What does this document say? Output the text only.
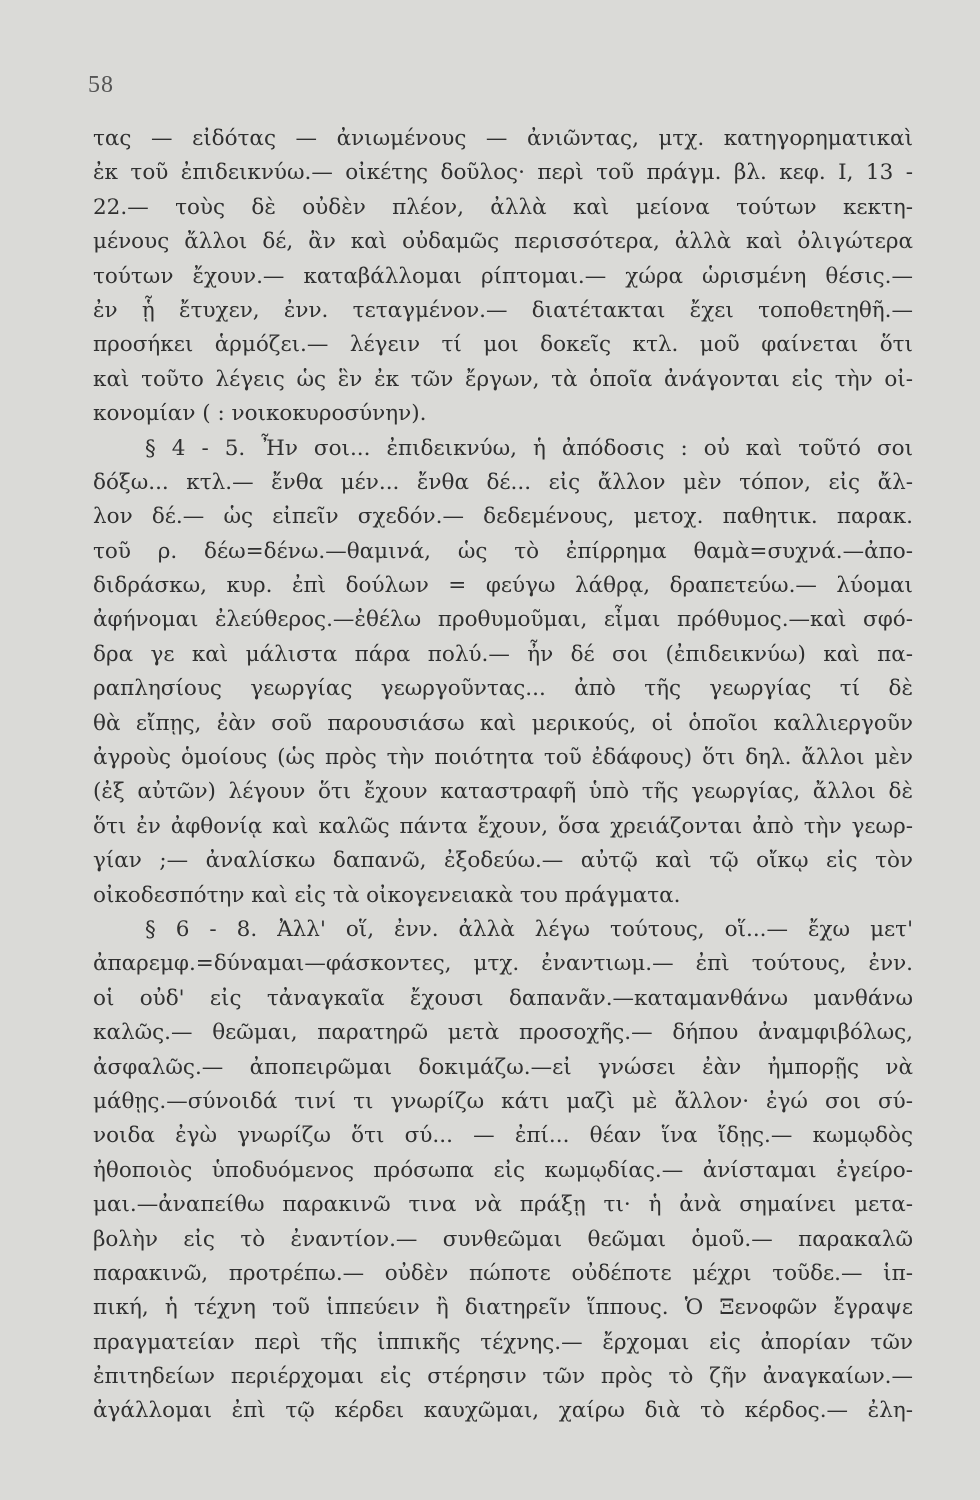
58
τας — εἰδότας — ἀνιωμένους — ἀνιῶντας, μτχ. κατηγορηματικαὶ
ἐκ τοῦ ἐπιδεικνύω.— οἰκέτης δοῦλος· περὶ τοῦ πράγμ. βλ. κεφ. I, 13 -
22.— τοὺς δὲ οὐδὲν πλέον, ἀλλὰ καὶ μείονα τούτων κεκτη-
μένους ἄλλοι δέ, ἂν καὶ οὐδαμῶς περισσότερα, ἀλλὰ καὶ ὀλιγώτερα
τούτων ἔχουν.— καταβάλλομαι ρίπτομαι.— χώρα ὡρισμένη θέσις.—
ἐν ᾗ ἔτυχεν, ἐνν. τεταγμένον.— διατέτακται ἔχει τοποθετηθῆ.—
προσήκει ἁρμόζει.— λέγειν τί μοι δοκεῖς κτλ. μοῦ φαίνεται ὅτι
καὶ τοῦτο λέγεις ὡς ἓν ἐκ τῶν ἔργων, τὰ ὁποῖα ἀνάγονται εἰς τὴν οἰ-
κονομίαν ( : νοικοκυροσύνην).
§ 4 - 5. Ἦν σοι... ἐπιδεικνύω, ἡ ἀπόδοσις : οὐ καὶ τοῦτό σοι
δόξω... κτλ.— ἔνθα μέν... ἔνθα δέ... εἰς ἄλλον μὲν τόπον, εἰς ἄλ-
λον δέ.— ὡς εἰπεῖν σχεδόν.— δεδεμένους, μετοχ. παθητικ. παρακ.
τοῦ ρ. δέω=δένω.—θαμινά, ὡς τὸ ἐπίρρημα θαμὰ=συχνά.—ἀπο-
διδράσκω, κυρ. ἐπὶ δούλων = φεύγω λάθρᾳ, δραπετεύω.— λύομαι
ἀφήνομαι ἐλεύθερος.—ἐθέλω προθυμοῦμαι, εἶμαι πρόθυμος.—καὶ σφό-
δρα γε καὶ μάλιστα πάρα πολύ.— ἦν δέ σοι (ἐπιδεικνύω) καὶ πα-
ραπλησίους γεωργίας γεωργοῦντας... ἀπὸ τῆς γεωργίας τί δὲ
θὰ εἴπῃς, ἐὰν σοῦ παρουσιάσω καὶ μερικούς, οἱ ὁποῖοι καλλιεργοῦν
ἀγροὺς ὁμοίους (ὡς πρὸς τὴν ποιότητα τοῦ ἐδάφους) ὅτι δηλ. ἄλλοι μὲν
(ἐξ αὐτῶν) λέγουν ὅτι ἔχουν καταστραφῆ ὑπὸ τῆς γεωργίας, ἄλλοι δὲ
ὅτι ἐν ἀφθονίᾳ καὶ καλῶς πάντα ἔχουν, ὅσα χρειάζονται ἀπὸ τὴν γεωρ-
γίαν ;— ἀναλίσκω δαπανῶ, ἐξοδεύω.— αὐτῷ καὶ τῷ οἴκῳ εἰς τὸν
οἰκοδεσπότην καὶ εἰς τὰ οἰκογενειακὰ του πράγματα.
§ 6 - 8. Ἀλλ' οἵ, ἐνν. ἀλλὰ λέγω τούτους, οἵ...— ἔχω μετ'
ἀπαρεμφ.=δύναμαι—φάσκοντες, μτχ. ἐναντιωμ.— ἐπὶ τούτους, ἐνν.
οἱ οὐδ' εἰς τἀναγκαῖα ἔχουσι δαπανᾶν.—καταμανθάνω μανθάνω
καλῶς.— θεῶμαι, παρατηρῶ μετὰ προσοχῆς.— δήπου ἀναμφιβόλως,
ἀσφαλῶς.— ἀποπειρῶμαι δοκιμάζω.—εἰ γνώσει ἐὰν ἠμπορῇς νὰ
μάθῃς.—σύνοιδά τινί τι γνωρίζω κάτι μαζὶ μὲ ἄλλον· ἐγώ σοι σύ-
νοιδα ἐγὼ γνωρίζω ὅτι σύ... — ἐπί... θέαν ἵνα ἴδῃς.— κωμῳδὸς
ἠθοποιὸς ὑποδυόμενος πρόσωπα εἰς κωμῳδίας.— ἀνίσταμαι ἐγείρο-
μαι.—ἀναπείθω παρακινῶ τινα νὰ πράξῃ τι· ἡ ἀνὰ σημαίνει μετα-
βολὴν εἰς τὸ ἐναντίον.— συνθεῶμαι θεῶμαι ὁμοῦ.— παρακαλῶ
παρακινῶ, προτρέπω.— οὐδὲν πώποτε οὐδέποτε μέχρι τοῦδε.— ἱπ-
πική, ἡ τέχνη τοῦ ἱππεύειν ἢ διατηρεῖν ἵππους. Ὁ Ξενοφῶν ἔγραψε
πραγματείαν περὶ τῆς ἱππικῆς τέχνης.— ἔρχομαι εἰς ἀπορίαν τῶν
ἐπιτηδείων περιέρχομαι εἰς στέρησιν τῶν πρὸς τὸ ζῆν ἀναγκαίων.—
ἀγάλλομαι ἐπὶ τῷ κέρδει καυχῶμαι, χαίρω διὰ τὸ κέρδος.— ἐλη-
